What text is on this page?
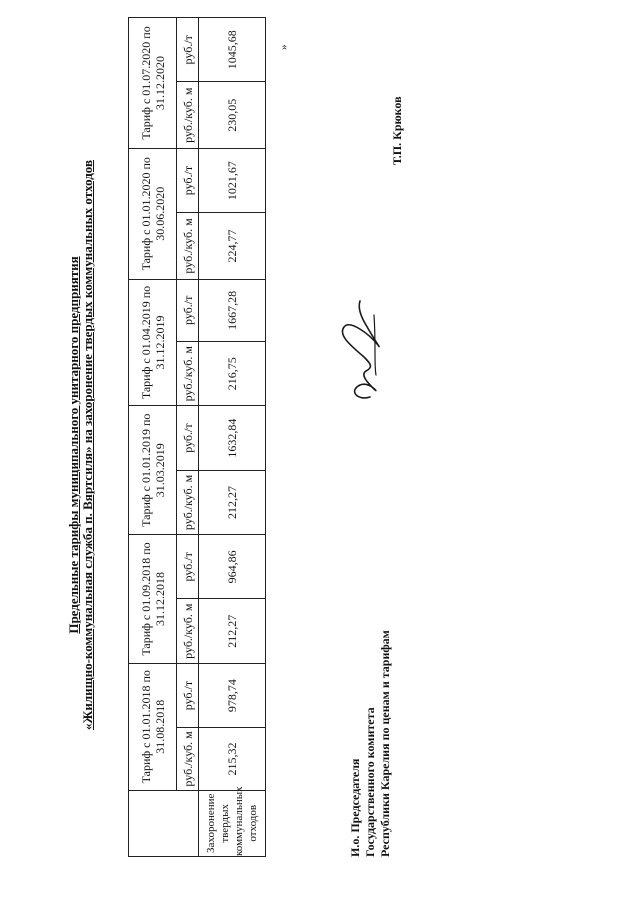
Предельные тарифы муниципального унитарного предприятия «Жилищно-коммунальная служба п. Вяртсиля» на захоронение твердых коммунальных отходов
		Тариф с 01.01.2018 по 31.08.2018		Тариф с 01.09.2018 по 31.12.2018		Тариф с 01.01.2019 по 31.03.2019		Тариф с 01.04.2019 по 31.12.2019		Тариф с 01.01.2020 по 30.06.2020		Тариф с 01.07.2020 по 31.12.2020	
	руб./куб. м	руб./т	руб./куб. м	руб./т	руб./куб. м	руб./т	руб./куб. м	руб./т	руб./куб. м	руб./т	руб./куб. м	руб./т
Захоронение твердых коммунальных отходов	215,32	978,74	212,27	964,86	212,27	1632,84	216,75	1667,28	224,77	1021,67	230,05	1045,68	»
И.о. Председателя Государственного комитета Республики Карелия по ценам и тарифам
Т.П. Крюков
